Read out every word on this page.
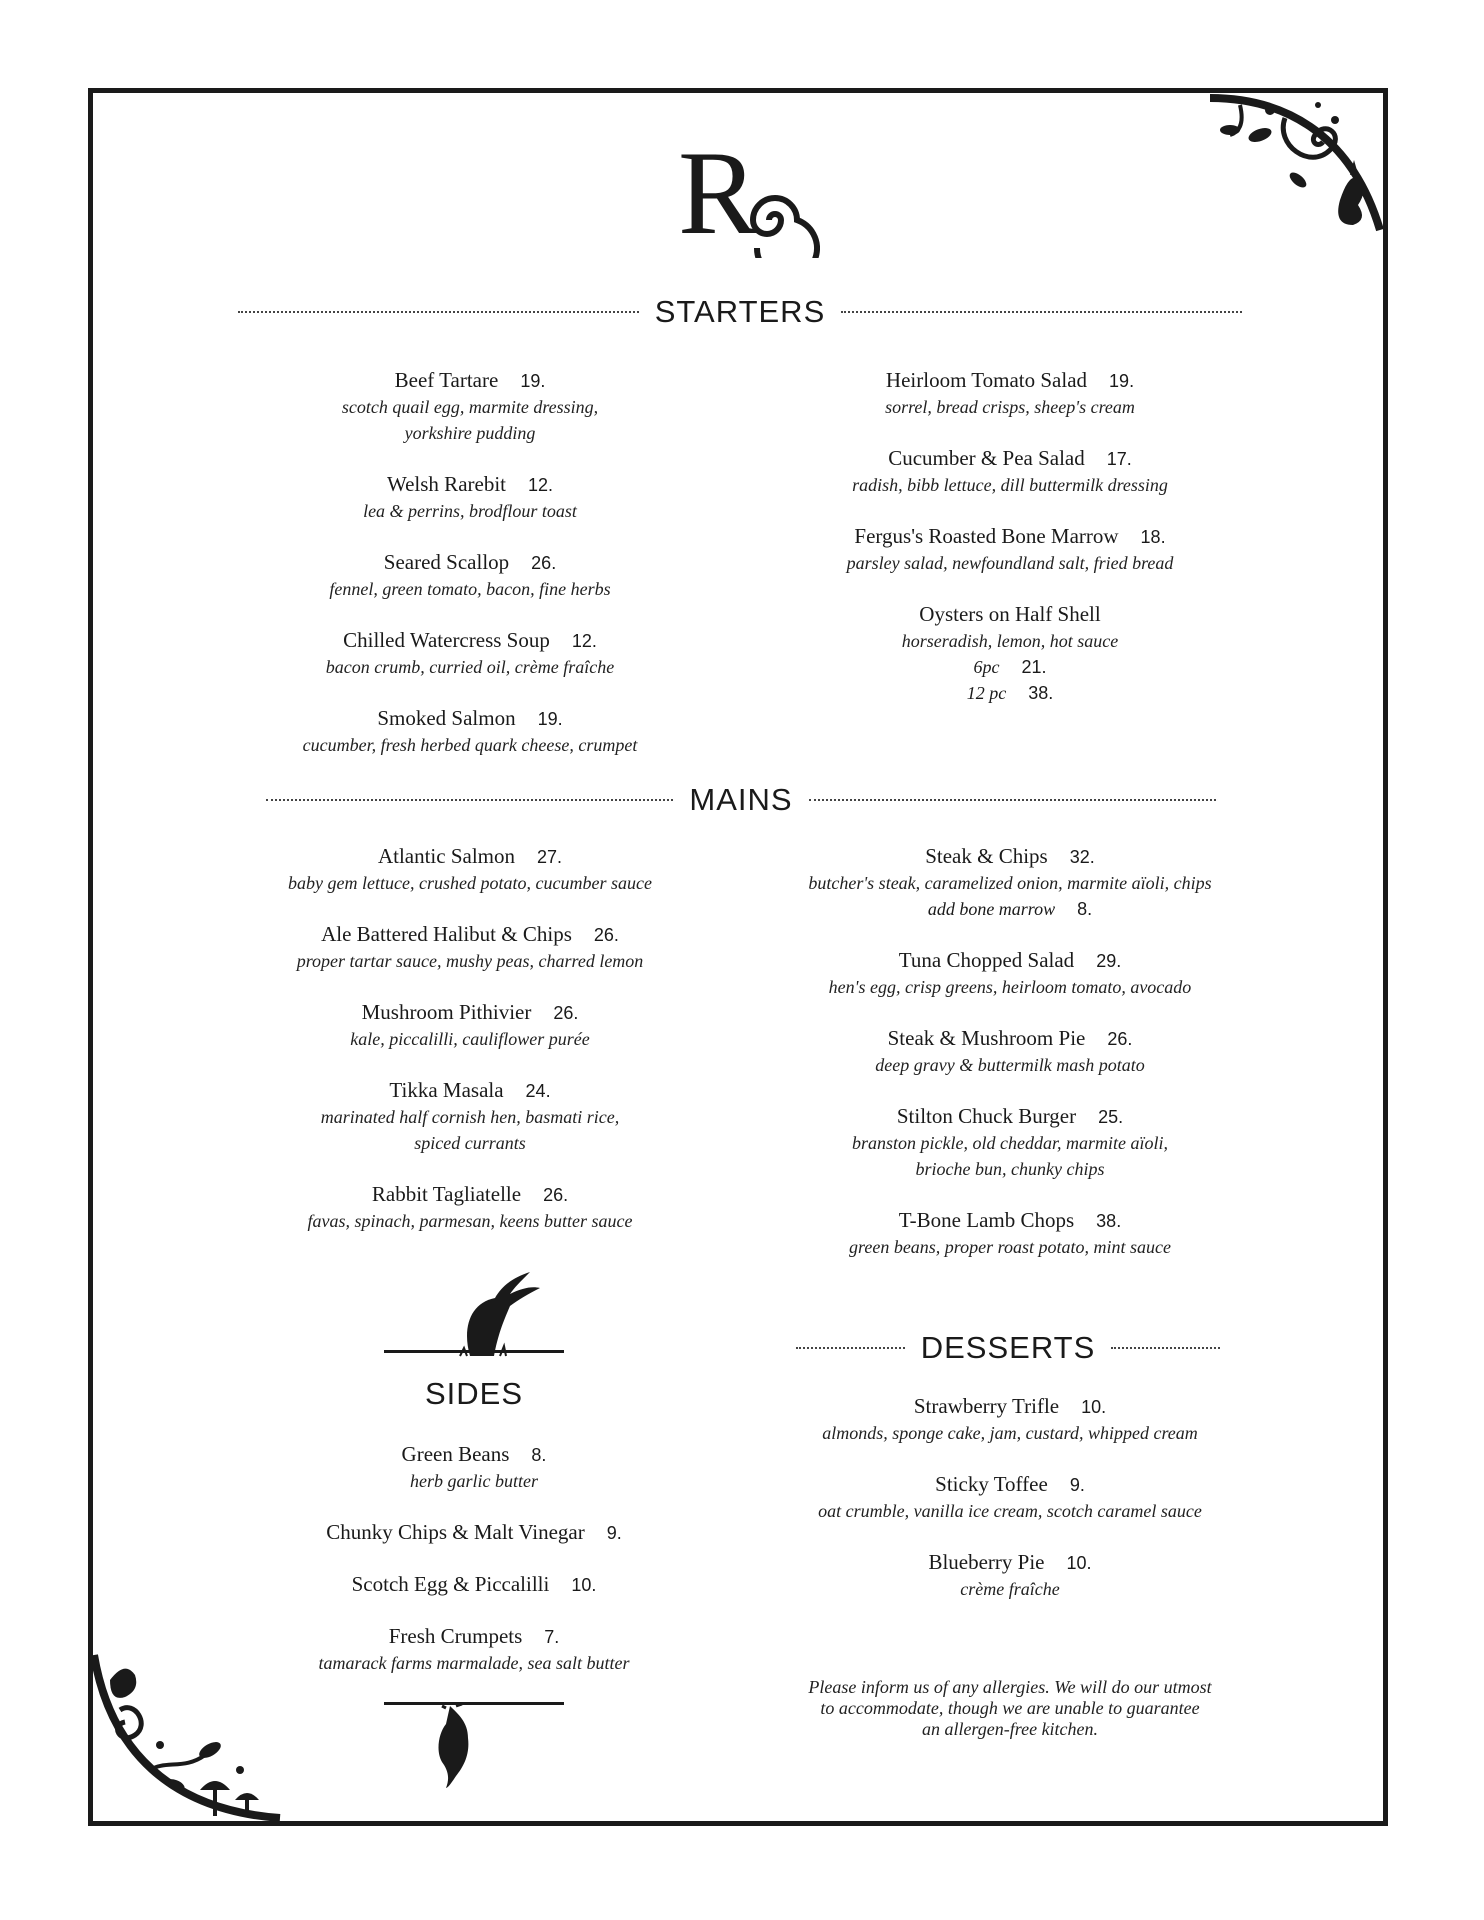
R
STARTERS
Beef Tartare 19.
scotch quail egg, marmite dressing,
yorkshire pudding
Welsh Rarebit 12.
lea & perrins, brodflour toast
Seared Scallop 26.
fennel, green tomato, bacon, fine herbs
Chilled Watercress Soup 12.
bacon crumb, curried oil, crème fraîche
Smoked Salmon 19.
cucumber, fresh herbed quark cheese, crumpet
Heirloom Tomato Salad 19.
sorrel, bread crisps, sheep's cream
Cucumber & Pea Salad 17.
radish, bibb lettuce, dill buttermilk dressing
Fergus's Roasted Bone Marrow 18.
parsley salad, newfoundland salt, fried bread
Oysters on Half Shell
horseradish, lemon, hot sauce
6pc 21.
12 pc 38.
MAINS
Atlantic Salmon 27.
baby gem lettuce, crushed potato, cucumber sauce
Ale Battered Halibut & Chips 26.
proper tartar sauce, mushy peas, charred lemon
Mushroom Pithivier 26.
kale, piccalilli, cauliflower purée
Tikka Masala 24.
marinated half cornish hen, basmati rice,
spiced currants
Rabbit Tagliatelle 26.
favas, spinach, parmesan, keens butter sauce
Steak & Chips 32.
butcher's steak, caramelized onion, marmite aïoli, chips
add bone marrow 8.
Tuna Chopped Salad 29.
hen's egg, crisp greens, heirloom tomato, avocado
Steak & Mushroom Pie 26.
deep gravy & buttermilk mash potato
Stilton Chuck Burger 25.
branston pickle, old cheddar, marmite aïoli,
brioche bun, chunky chips
T-Bone Lamb Chops 38.
green beans, proper roast potato, mint sauce
SIDES
Green Beans 8.
herb garlic butter
Chunky Chips & Malt Vinegar 9.
Scotch Egg & Piccalilli 10.
Fresh Crumpets 7.
tamarack farms marmalade, sea salt butter
DESSERTS
Strawberry Trifle 10.
almonds, sponge cake, jam, custard, whipped cream
Sticky Toffee 9.
oat crumble, vanilla ice cream, scotch caramel sauce
Blueberry Pie 10.
crème fraîche
Please inform us of any allergies. We will do our utmost
to accommodate, though we are unable to guarantee
an allergen-free kitchen.
